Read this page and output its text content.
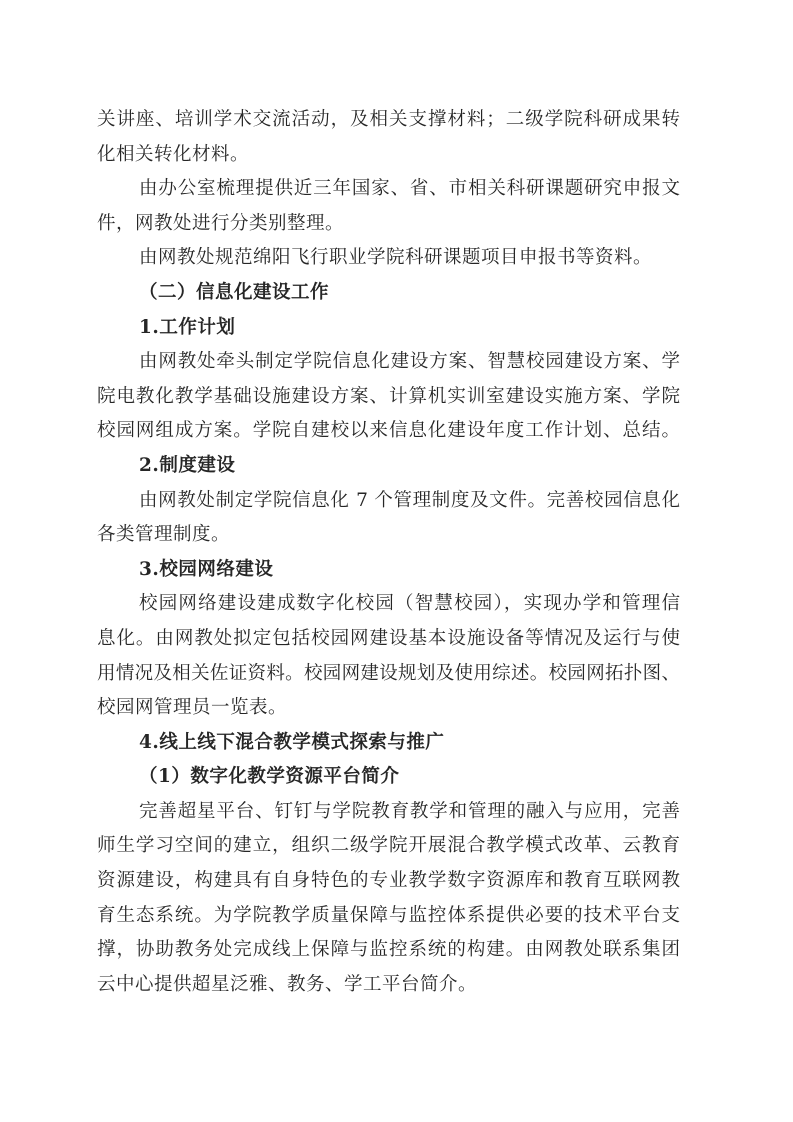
关讲座、培训学术交流活动，及相关支撑材料；二级学院科研成果转
化相关转化材料。
由办公室梳理提供近三年国家、省、市相关科研课题研究申报文
件，网教处进行分类别整理。
由网教处规范绵阳飞行职业学院科研课题项目申报书等资料。
（二）信息化建设工作
1.工作计划
由网教处牵头制定学院信息化建设方案、智慧校园建设方案、学
院电教化教学基础设施建设方案、计算机实训室建设实施方案、学院
校园网组成方案。学院自建校以来信息化建设年度工作计划、总结。
2.制度建设
由网教处制定学院信息化 7 个管理制度及文件。完善校园信息化
各类管理制度。
3.校园网络建设
校园网络建设建成数字化校园（智慧校园），实现办学和管理信
息化。由网教处拟定包括校园网建设基本设施设备等情况及运行与使
用情况及相关佐证资料。校园网建设规划及使用综述。校园网拓扑图、
校园网管理员一览表。
4.线上线下混合教学模式探索与推广
（1）数字化教学资源平台简介
完善超星平台、钉钉与学院教育教学和管理的融入与应用，完善
师生学习空间的建立，组织二级学院开展混合教学模式改革、云教育
资源建设，构建具有自身特色的专业教学数字资源库和教育互联网教
育生态系统。为学院教学质量保障与监控体系提供必要的技术平台支
撑，协助教务处完成线上保障与监控系统的构建。由网教处联系集团
云中心提供超星泛雅、教务、学工平台简介。
